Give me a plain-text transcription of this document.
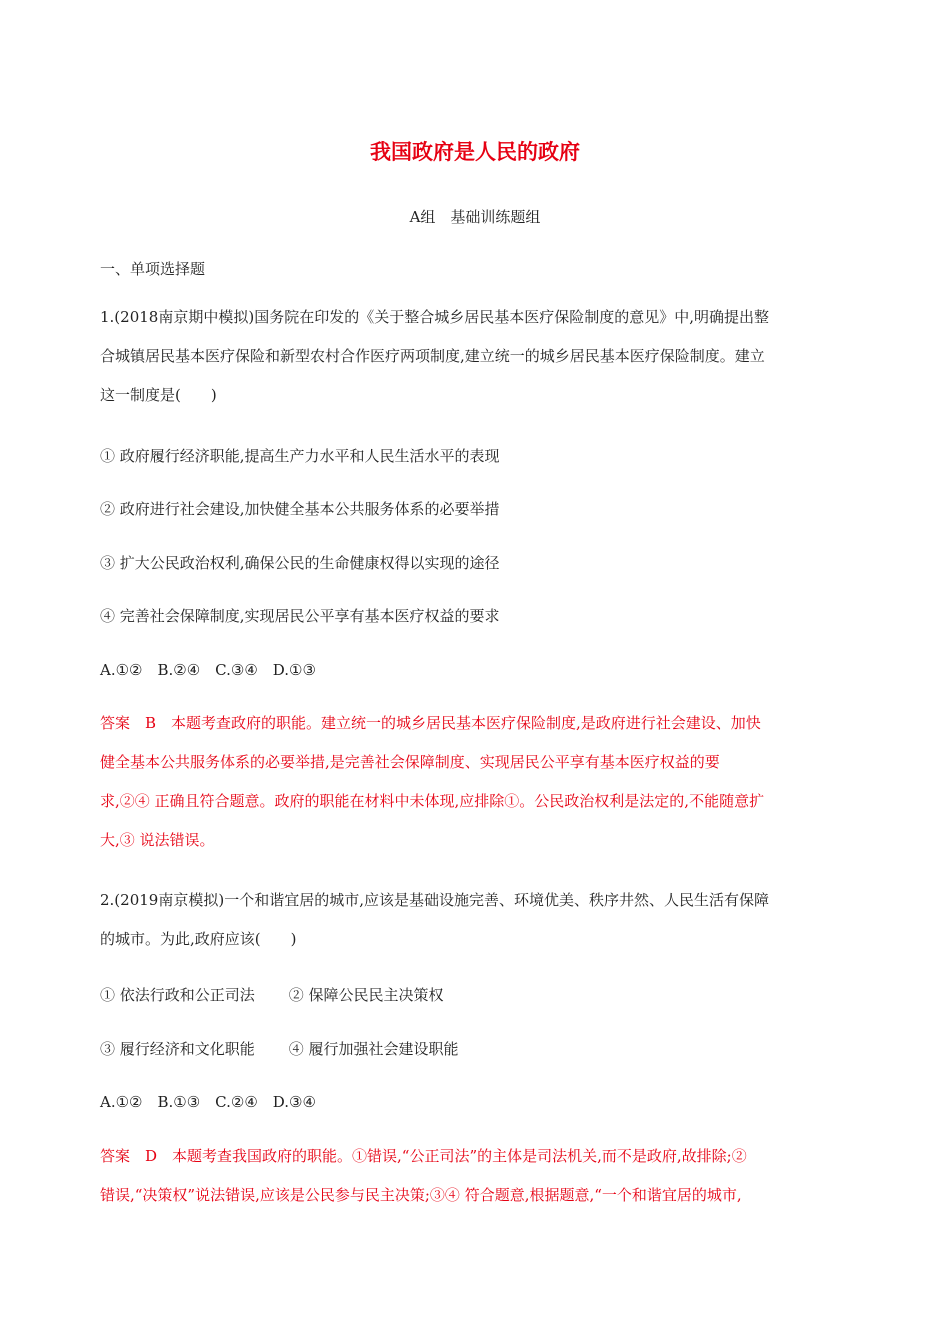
我国政府是人民的政府
A组　基础训练题组
一、单项选择题
1.(2018南京期中模拟)国务院在印发的《关于整合城乡居民基本医疗保险制度的意见》中,明确提出整
合城镇居民基本医疗保险和新型农村合作医疗两项制度,建立统一的城乡居民基本医疗保险制度。建立
这一制度是(　　)
① 政府履行经济职能,提高生产力水平和人民生活水平的表现
② 政府进行社会建设,加快健全基本公共服务体系的必要举措
③ 扩大公民政治权利,确保公民的生命健康权得以实现的途径
④ 完善社会保障制度,实现居民公平享有基本医疗权益的要求
A.①②　B.②④　C.③④　D.①③
答案　B　本题考查政府的职能。建立统一的城乡居民基本医疗保险制度,是政府进行社会建设、加快
健全基本公共服务体系的必要举措,是完善社会保障制度、实现居民公平享有基本医疗权益的要
求,②④ 正确且符合题意。政府的职能在材料中未体现,应排除①。公民政治权利是法定的,不能随意扩
大,③ 说法错误。
2.(2019南京模拟)一个和谐宜居的城市,应该是基础设施完善、环境优美、秩序井然、人民生活有保障
的城市。为此,政府应该(　　)
① 依法行政和公正司法 ② 保障公民民主决策权
③ 履行经济和文化职能 ④ 履行加强社会建设职能
A.①②　B.①③　C.②④　D.③④
答案　D　本题考查我国政府的职能。①错误,“公正司法”的主体是司法机关,而不是政府,故排除;②
错误,“决策权”说法错误,应该是公民参与民主决策;③④ 符合题意,根据题意,“一个和谐宜居的城市,
